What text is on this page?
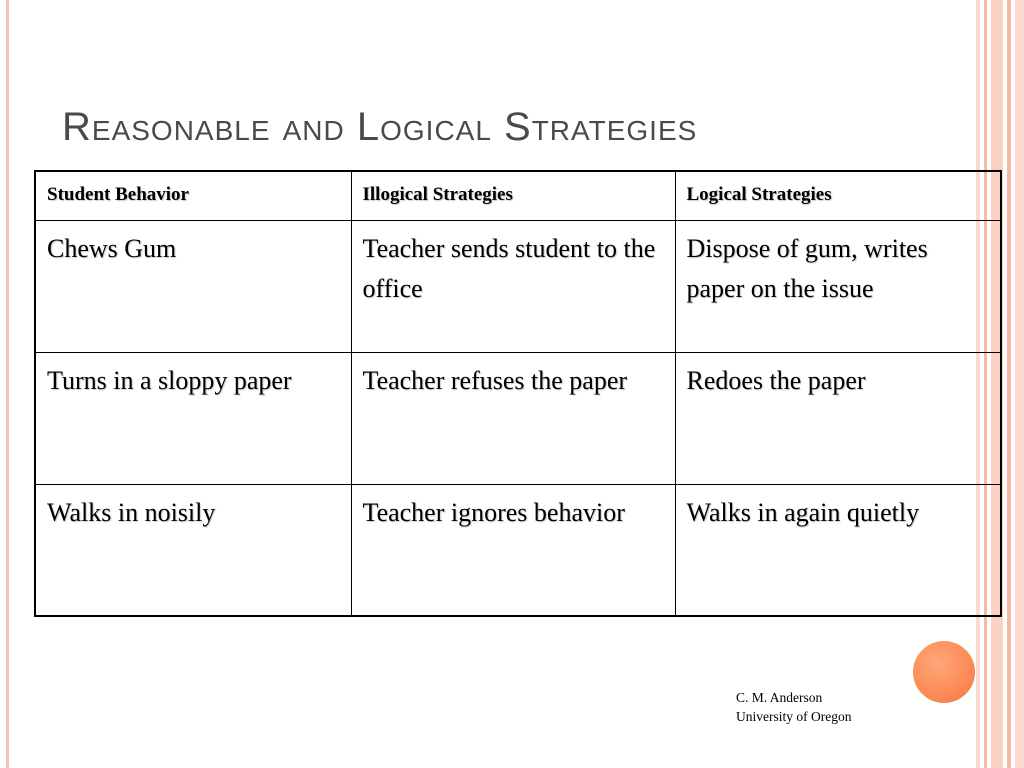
Reasonable and Logical Strategies
Student Behavior	Illogical Strategies	Logical Strategies
Chews Gum	Teacher sends student to the office	Dispose of gum, writes paper on the issue
Turns in a sloppy paper	Teacher refuses the paper	Redoes the paper
Walks in noisily	Teacher ignores behavior	Walks in again quietly
C. M. Anderson
University of Oregon
